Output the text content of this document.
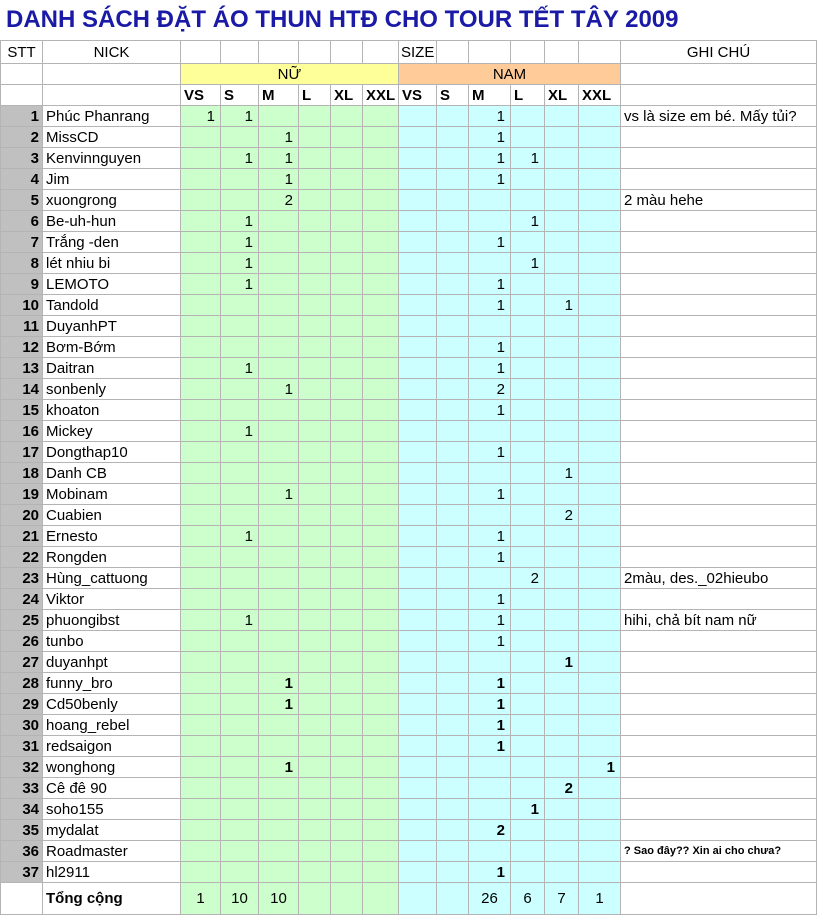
DANH SÁCH ĐẶT ÁO THUN HTĐ CHO TOUR TẾT TÂY 2009
STT	NICK							SIZE						GHI CHÚ
		NỮ						NAM						
		VS	S	M	L	XL	XXL	VS	S	M	L	XL	XXL	
1	Phúc Phanrang	1	1							1				vs là size em bé. Mấy tủi?
2	MissCD			1						1				
3	Kenvinnguyen		1	1						1	1			
4	Jim			1						1				
5	xuongrong			2										2 màu hehe
6	Be-uh-hun		1								1			
7	Trắng -den		1							1				
8	lét nhiu bi		1								1			
9	LEMOTO		1							1				
10	Tandold									1		1		
11	DuyanhPT													
12	Bơm-Bớm									1				
13	Daitran		1							1				
14	sonbenly			1						2				
15	khoaton									1				
16	Mickey		1											
17	Dongthap10									1				
18	Danh CB											1		
19	Mobinam			1						1				
20	Cuabien											2		
21	Ernesto		1							1				
22	Rongden									1				
23	Hùng_cattuong										2			2màu, des._02hieubo
24	Viktor									1				
25	phuongibst		1							1				hihi, chả bít nam nữ
26	tunbo									1				
27	duyanhpt											1		
28	funny_bro			1						1				
29	Cd50benly			1						1				
30	hoang_rebel									1				
31	redsaigon									1				
32	wonghong			1									1	
33	Cê đê 90											2		
34	soho155										1			
35	mydalat									2				
36	Roadmaster													? Sao đây?? Xin ai cho chưa?
37	hl2911									1				
	Tổng cộng	1	10	10						26	6	7	1	
